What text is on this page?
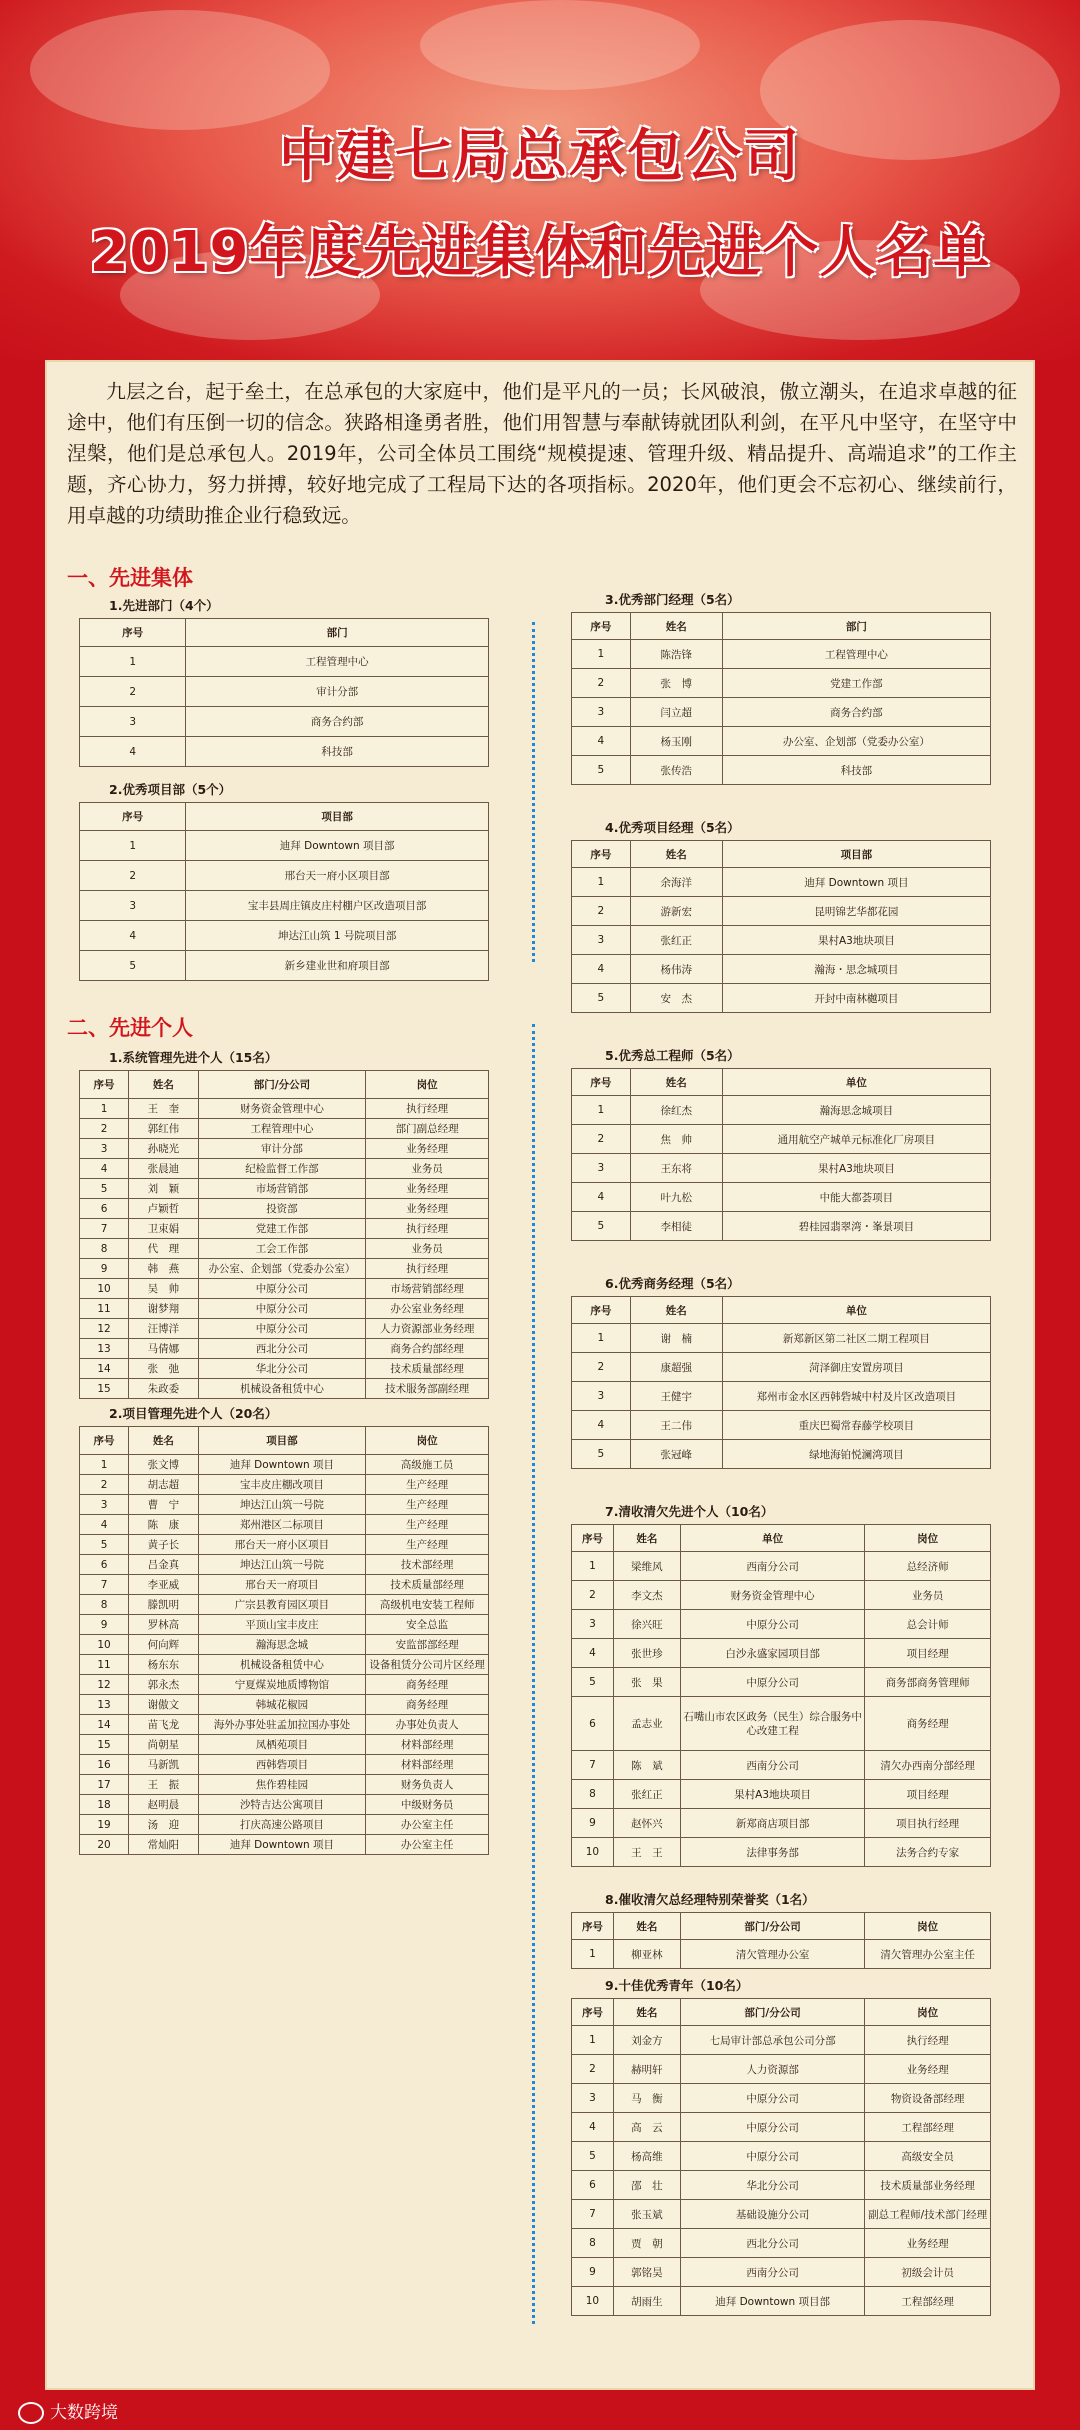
中建七局总承包公司
2019年度先进集体和先进个人名单

九层之台，起于垒土，在总承包的大家庭中，他们是平凡的一员；长风破浪，傲立潮头，在追求卓越的征途中，他们有压倒一切的信念。狭路相逢勇者胜，他们用智慧与奉献铸就团队利剑，在平凡中坚守，在坚守中涅槃，他们是总承包人。2019年，公司全体员工围绕“规模提速、管理升级、精品提升、高端追求”的工作主题，齐心协力，努力拼搏，较好地完成了工程局下达的各项指标。2020年，他们更会不忘初心、继续前行，用卓越的功绩助推企业行稳致远。

一、先进集体
1.先进部门（4个）
序号	部门
1	工程管理中心
2	审计分部
3	商务合约部
4	科技部
2.优秀项目部（5个）
序号	项目部
1	迪拜 Downtown 项目部
2	邢台天一府小区项目部
3	宝丰县周庄镇皮庄村棚户区改造项目部
4	坤达江山筑 1 号院项目部
5	新乡建业世和府项目部
二、先进个人
1.系统管理先进个人（15名）
序号	姓名	部门/分公司	岗位
1	王　奎	财务资金管理中心	执行经理
2	郭红伟	工程管理中心	部门副总经理
3	孙晓光	审计分部	业务经理
4	张晨迪	纪检监督工作部	业务员
5	刘　颖	市场营销部	业务经理
6	卢颖哲	投资部	业务经理
7	卫束娟	党建工作部	执行经理
8	代　理	工会工作部	业务员
9	韩　燕	办公室、企划部（党委办公室）	执行经理
10	吴　帅	中原分公司	市场营销部经理
11	谢梦翔	中原分公司	办公室业务经理
12	汪博洋	中原分公司	人力资源部业务经理
13	马倩娜	西北分公司	商务合约部经理
14	张　弛	华北分公司	技术质量部经理
15	朱政委	机械设备租赁中心	技术服务部副经理
2.项目管理先进个人（20名）
序号	姓名	项目部	岗位
1	张文博	迪拜 Downtown 项目	高级施工员
2	胡志超	宝丰皮庄棚改项目	生产经理
3	曹　宁	坤达江山筑一号院	生产经理
4	陈　康	郑州港区二标项目	生产经理
5	黄子长	邢台天一府小区项目	生产经理
6	吕金真	坤达江山筑一号院	技术部经理
7	李亚威	邢台天一府项目	技术质量部经理
8	滕凯明	广宗县教育园区项目	高级机电安装工程师
9	罗林高	平顶山宝丰皮庄	安全总监
10	何向辉	瀚海思念城	安监部部经理
11	杨东东	机械设备租赁中心	设备租赁分公司片区经理
12	郭永杰	宁夏煤炭地质博物馆	商务经理
13	谢傲文	韩城花椒园	商务经理
14	苗飞龙	海外办事处驻孟加拉国办事处	办事处负责人
15	尚朝星	凤栖苑项目	材料部经理
16	马新凯	西韩砦项目	材料部经理
17	王　振	焦作碧桂园	财务负责人
18	赵明晨	沙特吉达公寓项目	中级财务员
19	汤　迎	打庆高速公路项目	办公室主任
20	常灿阳	迪拜 Downtown 项目	办公室主任
3.优秀部门经理（5名）
序号	姓名	部门
1	陈浩锋	工程管理中心
2	张　博	党建工作部
3	闫立超	商务合约部
4	杨玉刚	办公室、企划部（党委办公室）
5	张传浩	科技部
4.优秀项目经理（5名）
序号	姓名	项目部
1	余海洋	迪拜 Downtown 项目
2	游新宏	昆明锦艺华都花园
3	张红正	果村A3地块项目
4	杨伟涛	瀚海・思念城项目
5	安　杰	开封中南林樾项目
5.优秀总工程师（5名）
序号	姓名	单位
1	徐红杰	瀚海思念城项目
2	焦　帅	通用航空产城单元标准化厂房项目
3	王东将	果村A3地块项目
4	叶九松	中能大都荟项目
5	李相徒	碧桂园翡翠湾・峯景项目
6.优秀商务经理（5名）
序号	姓名	单位
1	谢　楠	新郑新区第二社区二期工程项目
2	康超强	菏泽御庄安置房项目
3	王健宇	郑州市金水区西韩砦城中村及片区改造项目
4	王二伟	重庆巴蜀常春藤学校项目
5	张冠峰	绿地海铂悦澜湾项目
7.清收清欠先进个人（10名）
序号	姓名	单位	岗位
1	梁维风	西南分公司	总经济师
2	李文杰	财务资金管理中心	业务员
3	徐兴旺	中原分公司	总会计师
4	张世珍	白沙永盛家园项目部	项目经理
5	张　果	中原分公司	商务部商务管理师
6	孟志业	石嘴山市农区政务（民生）综合服务中心改建工程	商务经理
7	陈　斌	西南分公司	清欠办西南分部经理
8	张红正	果村A3地块项目	项目经理
9	赵怀兴	新郑商店项目部	项目执行经理
10	王　王	法律事务部	法务合约专家
8.催收清欠总经理特别荣誉奖（1名）
序号	姓名	部门/分公司	岗位
1	柳亚林	清欠管理办公室	清欠管理办公室主任
9.十佳优秀青年（10名）
序号	姓名	部门/分公司	岗位
1	刘金方	七局审计部总承包公司分部	执行经理
2	赫明轩	人力资源部	业务经理
3	马　衡	中原分公司	物资设备部经理
4	高　云	中原分公司	工程部经理
5	杨高维	中原分公司	高级安全员
6	邵　壮	华北分公司	技术质量部业务经理
7	张玉斌	基础设施分公司	副总工程师/技术部门经理
8	贾　朝	西北分公司	业务经理
9	郭铭昊	西南分公司	初级会计员
10	胡雨生	迪拜 Downtown 项目部	工程部经理
大数跨境
